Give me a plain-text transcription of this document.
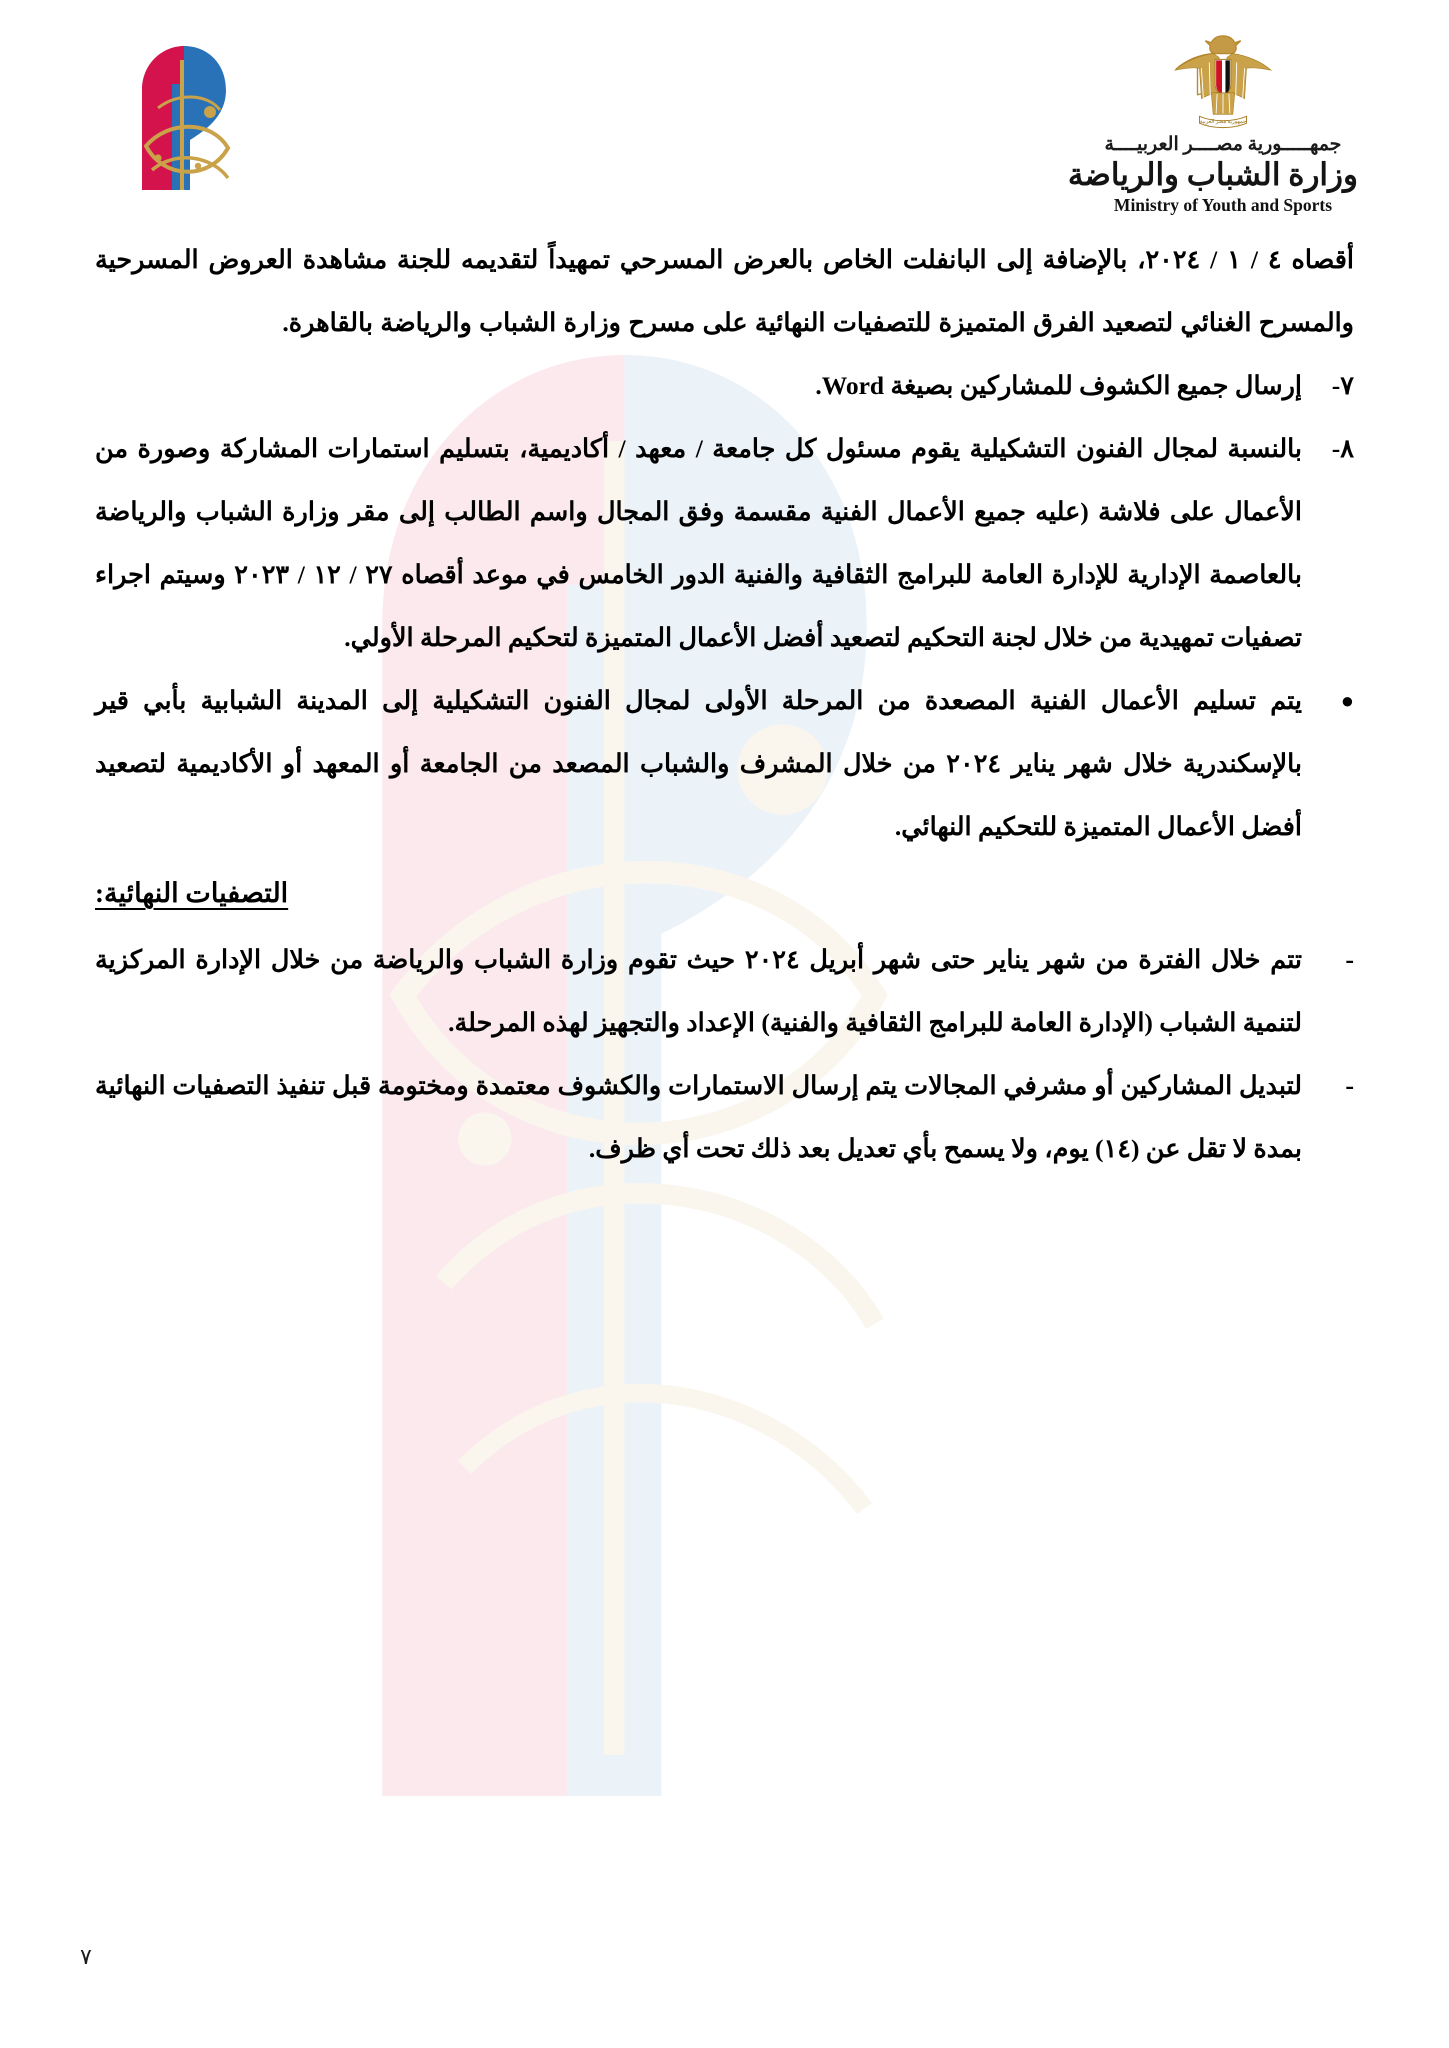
جمهورية مصر العربية
جمهـــــورية مصــــر العربيــــة
وزارة الشباب والرياضة
Ministry of Youth and Sports
أقصاه ٤ / ١ / ٢٠٢٤، بالإضافة إلى البانفلت الخاص بالعرض المسرحي تمهيداً لتقديمه للجنة مشاهدة العروض المسرحية والمسرح الغنائي لتصعيد الفرق المتميزة للتصفيات النهائية على مسرح وزارة الشباب والرياضة بالقاهرة.
٧-
إرسال جميع الكشوف للمشاركين بصيغة Word.
٨-
بالنسبة لمجال الفنون التشكيلية يقوم مسئول كل جامعة / معهد / أكاديمية، بتسليم استمارات المشاركة وصورة من الأعمال على فلاشة (عليه جميع الأعمال الفنية مقسمة وفق المجال واسم الطالب إلى مقر وزارة الشباب والرياضة بالعاصمة الإدارية للإدارة العامة للبرامج الثقافية والفنية الدور الخامس في موعد أقصاه ٢٧ / ١٢ / ٢٠٢٣ وسيتم اجراء تصفيات تمهيدية من خلال لجنة التحكيم لتصعيد أفضل الأعمال المتميزة لتحكيم المرحلة الأولي.
●
يتم تسليم الأعمال الفنية المصعدة من المرحلة الأولى لمجال الفنون التشكيلية إلى المدينة الشبابية بأبي قير بالإسكندرية خلال شهر يناير ٢٠٢٤ من خلال المشرف والشباب المصعد من الجامعة أو المعهد أو الأكاديمية لتصعيد أفضل الأعمال المتميزة للتحكيم النهائي.
التصفيات النهائية:
-
تتم خلال الفترة من شهر يناير حتى شهر أبريل ٢٠٢٤ حيث تقوم وزارة الشباب والرياضة من خلال الإدارة المركزية لتنمية الشباب (الإدارة العامة للبرامج الثقافية والفنية) الإعداد والتجهيز لهذه المرحلة.
-
لتبديل المشاركين أو مشرفي المجالات يتم إرسال الاستمارات والكشوف معتمدة ومختومة قبل تنفيذ التصفيات النهائية بمدة لا تقل عن (١٤) يوم، ولا يسمح بأي تعديل بعد ذلك تحت أي ظرف.
٧
